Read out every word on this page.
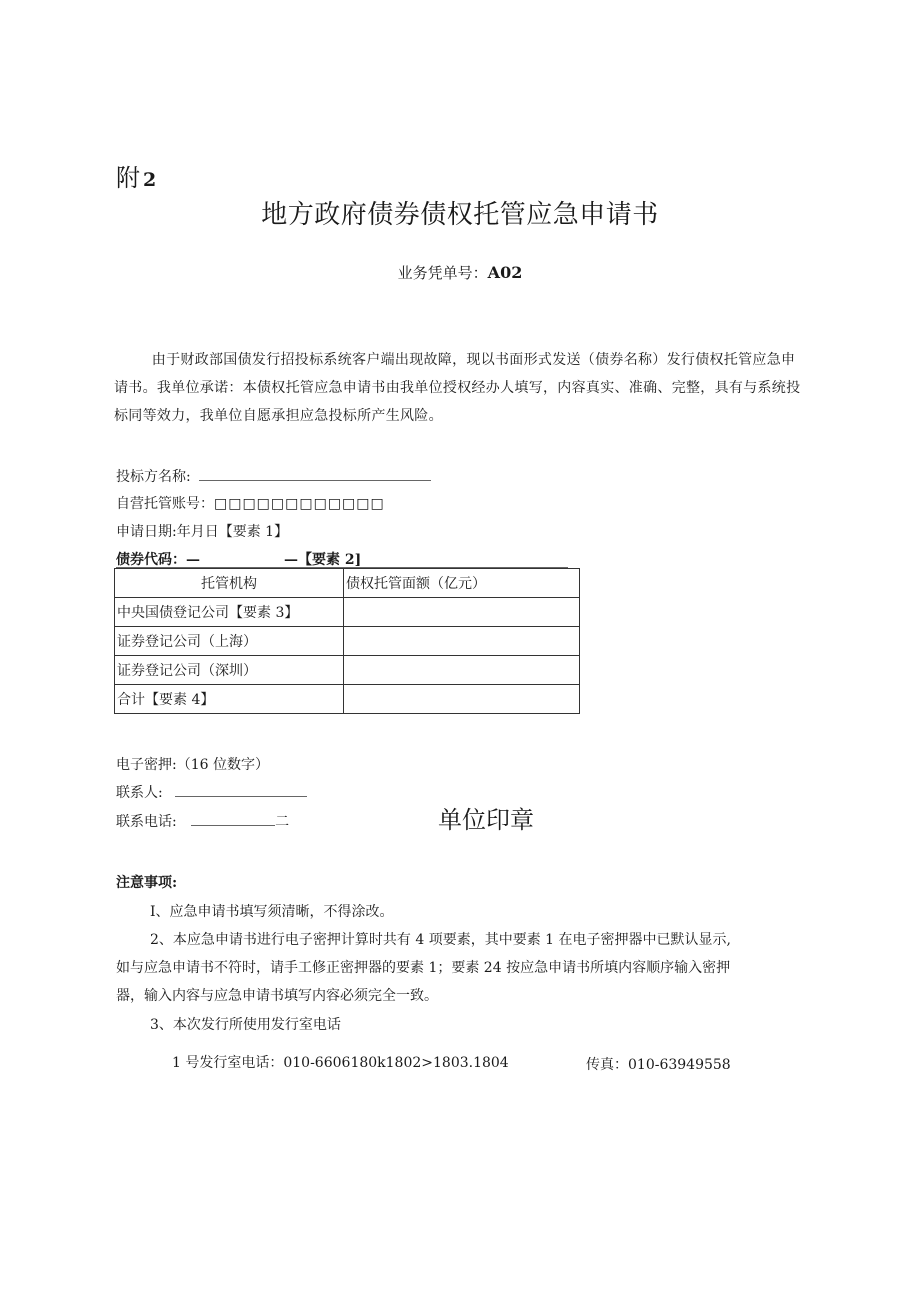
附 2
地方政府债券债权托管应急申请书
业务凭单号：A02
由于财政部国债发行招投标系统客户端出现故障，现以书面形式发送（债券名称）发行债权托管应急申请书。我单位承诺：本债权托管应急申请书由我单位授权经办人填写，内容真实、准确、完整，具有与系统投标同等效力，我单位自愿承担应急投标所产生风险。
投标方名称:
自营托管账号：□□□□□□□□□□□□
申请日期:年月日【要素 1】
债券代码：—	—【要素 2]
托管机构	债权托管面额（亿元）
中央国债登记公司【要素 3】	
证券登记公司（上海）	
证券登记公司（深圳）	
合计【要素 4】	
电子密押:（16 位数字）
联系人:
联系电话:	二	单位印章
注意事项:
I、应急申请书填写须清晰，不得涂改。
2、本应急申请书进行电子密押计算时共有 4 项要素，其中要素 1 在电子密押器中已默认显示,
如与应急申请书不符时，请手工修正密押器的要素 1；要素 24 按应急申请书所填内容顺序输入密押
器，输入内容与应急申请书填写内容必须完全一致。
3、本次发行所使用发行室电话
1 号发行室电话：010-6606180k1802>1803.1804	传真：010-63949558
